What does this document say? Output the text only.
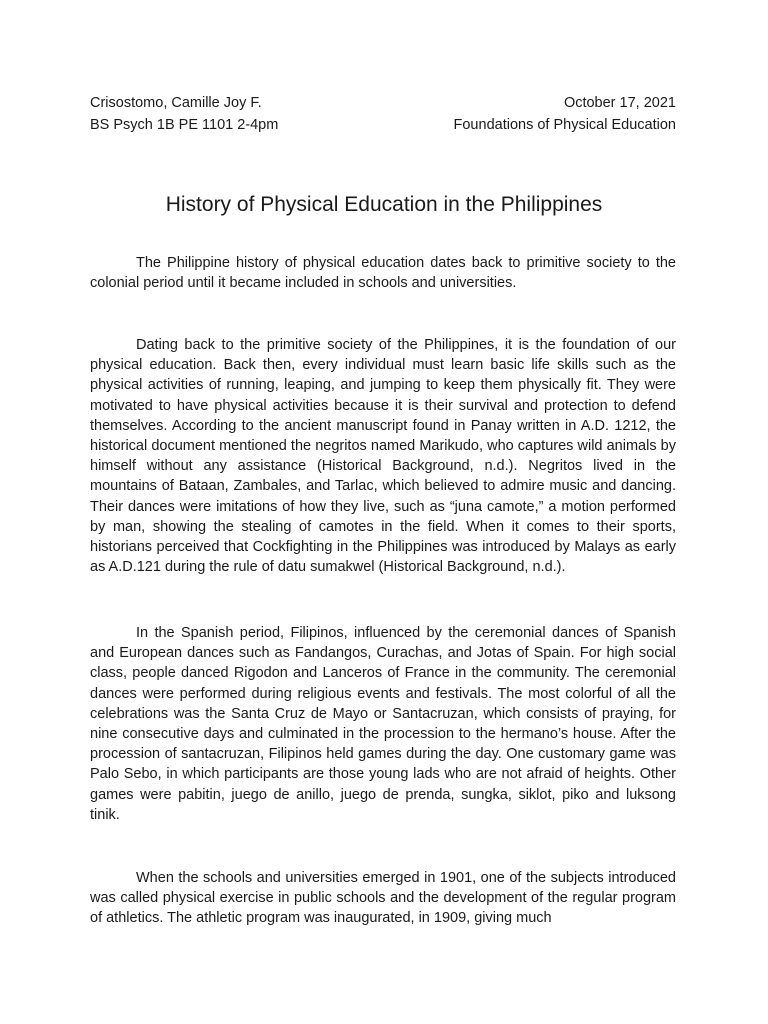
Crisostomo, Camille Joy F.	October 17, 2021
BS Psych 1B PE 1101 2-4pm	Foundations of Physical Education
History of Physical Education in the Philippines

The Philippine history of physical education dates back to primitive society to the colonial period until it became included in schools and universities.

Dating back to the primitive society of the Philippines, it is the foundation of our physical education. Back then, every individual must learn basic life skills such as the physical activities of running, leaping, and jumping to keep them physically fit. They were motivated to have physical activities because it is their survival and protection to defend themselves. According to the ancient manuscript found in Panay written in A.D. 1212, the historical document mentioned the negritos named Marikudo, who captures wild animals by himself without any assistance (Historical Background, n.d.). Negritos lived in the mountains of Bataan, Zambales, and Tarlac, which believed to admire music and dancing. Their dances were imitations of how they live, such as “juna camote,” a motion performed by man, showing the stealing of camotes in the field. When it comes to their sports, historians perceived that Cockfighting in the Philippines was introduced by Malays as early as A.D.121 during the rule of datu sumakwel (Historical Background, n.d.).

In the Spanish period, Filipinos, influenced by the ceremonial dances of Spanish and European dances such as Fandangos, Curachas, and Jotas of Spain. For high social class, people danced Rigodon and Lanceros of France in the community. The ceremonial dances were performed during religious events and festivals. The most colorful of all the celebrations was the Santa Cruz de Mayo or Santacruzan, which consists of praying, for nine consecutive days and culminated in the procession to the hermano’s house. After the procession of santacruzan, Filipinos held games during the day. One customary game was Palo Sebo, in which participants are those young lads who are not afraid of heights. Other games were pabitin, juego de anillo, juego de prenda, sungka, siklot, piko and luksong tinik.

When the schools and universities emerged in 1901, one of the subjects introduced was called physical exercise in public schools and the development of the regular program of athletics. The athletic program was inaugurated, in 1909, giving much
